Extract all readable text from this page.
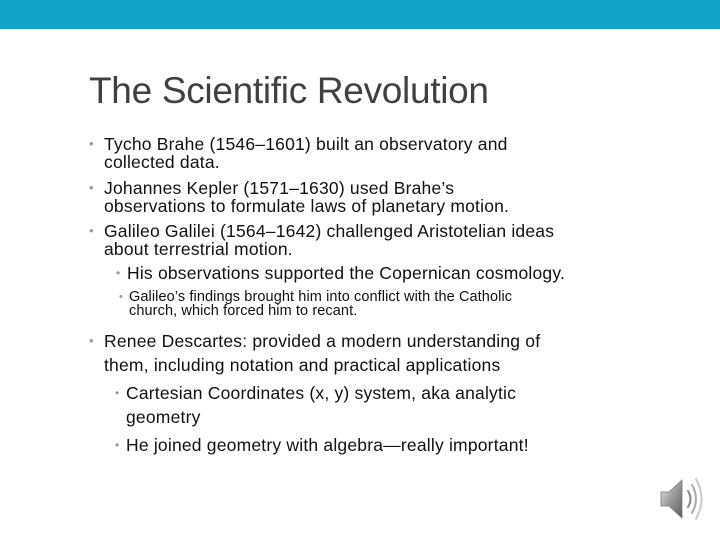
The Scientific Revolution
• Tycho Brahe (1546–1601) built an observatory and
collected data.
• Johannes Kepler (1571–1630) used Brahe’s
observations to formulate laws of planetary motion.
• Galileo Galilei (1564–1642) challenged Aristotelian ideas
about terrestrial motion.
• His observations supported the Copernican cosmology.
• Galileo’s findings brought him into conflict with the Catholic
church, which forced him to recant.
• Renee Descartes: provided a modern understanding of
them, including notation and practical applications
• Cartesian Coordinates (x, y) system, aka analytic
geometry
• He joined geometry with algebra—really important!
